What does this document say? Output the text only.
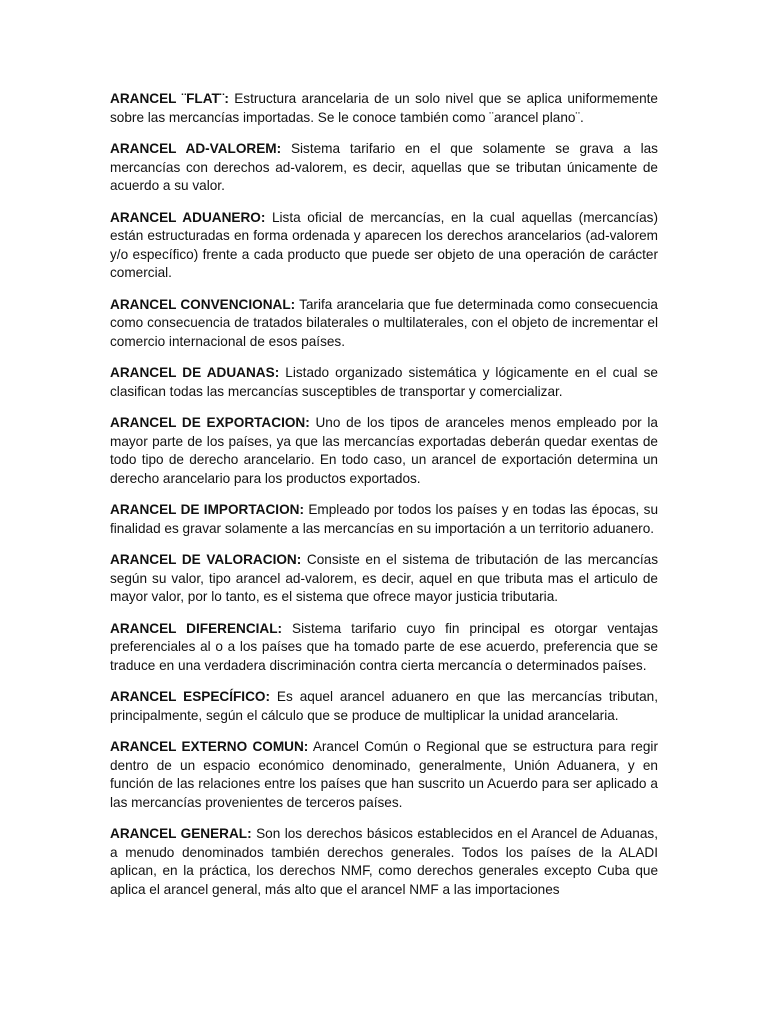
ARANCEL ¨FLAT¨: Estructura arancelaria de un solo nivel que se aplica uniformemente sobre las mercancías importadas. Se le conoce también como ¨arancel plano¨.

ARANCEL AD-VALOREM: Sistema tarifario en el que solamente se grava a las mercancías con derechos ad-valorem, es decir, aquellas que se tributan únicamente de acuerdo a su valor.

ARANCEL ADUANERO: Lista oficial de mercancías, en la cual aquellas (mercancías) están estructuradas en forma ordenada y aparecen los derechos arancelarios (ad-valorem y/o específico) frente a cada producto que puede ser objeto de una operación de carácter comercial.

ARANCEL CONVENCIONAL: Tarifa arancelaria que fue determinada como consecuencia como consecuencia de tratados bilaterales o multilaterales, con el objeto de incrementar el comercio internacional de esos países.

ARANCEL DE ADUANAS: Listado organizado sistemática y lógicamente en el cual se clasifican todas las mercancías susceptibles de transportar y comercializar.

ARANCEL DE EXPORTACION: Uno de los tipos de aranceles menos empleado por la mayor parte de los países, ya que las mercancías exportadas deberán quedar exentas de todo tipo de derecho arancelario. En todo caso, un arancel de exportación determina un derecho arancelario para los productos exportados.

ARANCEL DE IMPORTACION: Empleado por todos los países y en todas las épocas, su finalidad es gravar solamente a las mercancías en su importación a un territorio aduanero.

ARANCEL DE VALORACION: Consiste en el sistema de tributación de las mercancías según su valor, tipo arancel ad-valorem, es decir, aquel en que tributa mas el articulo de mayor valor, por lo tanto, es el sistema que ofrece mayor justicia tributaria.

ARANCEL DIFERENCIAL: Sistema tarifario cuyo fin principal es otorgar ventajas preferenciales al o a los países que ha tomado parte de ese acuerdo, preferencia que se traduce en una verdadera discriminación contra cierta mercancía o determinados países.

ARANCEL ESPECÍFICO: Es aquel arancel aduanero en que las mercancías tributan, principalmente, según el cálculo que se produce de multiplicar la unidad arancelaria.

ARANCEL EXTERNO COMUN: Arancel Común o Regional que se estructura para regir dentro de un espacio económico denominado, generalmente, Unión Aduanera, y en función de las relaciones entre los países que han suscrito un Acuerdo para ser aplicado a las mercancías provenientes de terceros países.

ARANCEL GENERAL: Son los derechos básicos establecidos en el Arancel de Aduanas, a menudo denominados también derechos generales. Todos los países de la ALADI aplican, en la práctica, los derechos NMF, como derechos generales excepto Cuba que aplica el arancel general, más alto que el arancel NMF a las importaciones
